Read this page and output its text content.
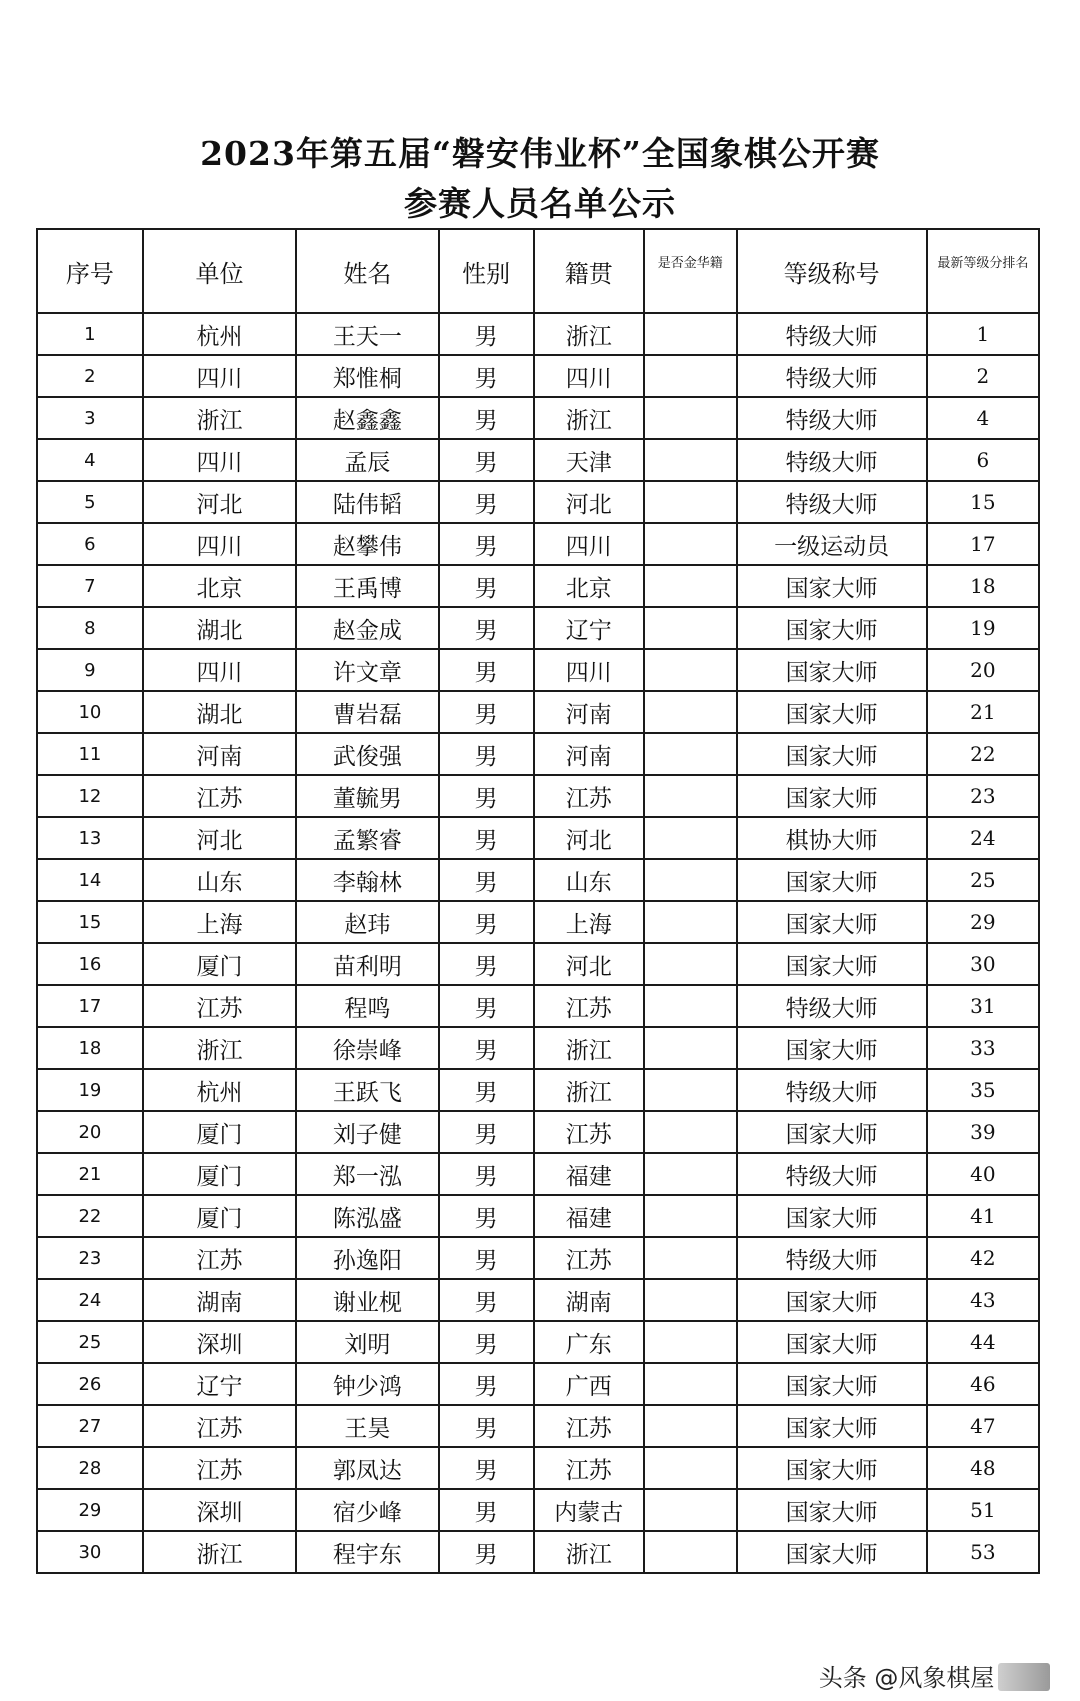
2023年第五届“磐安伟业杯”全国象棋公开赛
参赛人员名单公示
序号	单位	姓名	性别	籍贯	是否金华籍	等级称号	最新等级分排名
1	杭州	王天一	男	浙江		特级大师	1
2	四川	郑惟桐	男	四川		特级大师	2
3	浙江	赵鑫鑫	男	浙江		特级大师	4
4	四川	孟辰	男	天津		特级大师	6
5	河北	陆伟韬	男	河北		特级大师	15
6	四川	赵攀伟	男	四川		一级运动员	17
7	北京	王禹博	男	北京		国家大师	18
8	湖北	赵金成	男	辽宁		国家大师	19
9	四川	许文章	男	四川		国家大师	20
10	湖北	曹岩磊	男	河南		国家大师	21
11	河南	武俊强	男	河南		国家大师	22
12	江苏	董毓男	男	江苏		国家大师	23
13	河北	孟繁睿	男	河北		棋协大师	24
14	山东	李翰林	男	山东		国家大师	25
15	上海	赵玮	男	上海		国家大师	29
16	厦门	苗利明	男	河北		国家大师	30
17	江苏	程鸣	男	江苏		特级大师	31
18	浙江	徐崇峰	男	浙江		国家大师	33
19	杭州	王跃飞	男	浙江		特级大师	35
20	厦门	刘子健	男	江苏		国家大师	39
21	厦门	郑一泓	男	福建		特级大师	40
22	厦门	陈泓盛	男	福建		国家大师	41
23	江苏	孙逸阳	男	江苏		特级大师	42
24	湖南	谢业枧	男	湖南		国家大师	43
25	深圳	刘明	男	广东		国家大师	44
26	辽宁	钟少鸿	男	广西		国家大师	46
27	江苏	王昊	男	江苏		国家大师	47
28	江苏	郭凤达	男	江苏		国家大师	48
29	深圳	宿少峰	男	内蒙古		国家大师	51
30	浙江	程宇东	男	浙江		国家大师	53
头条 @风象棋屋
